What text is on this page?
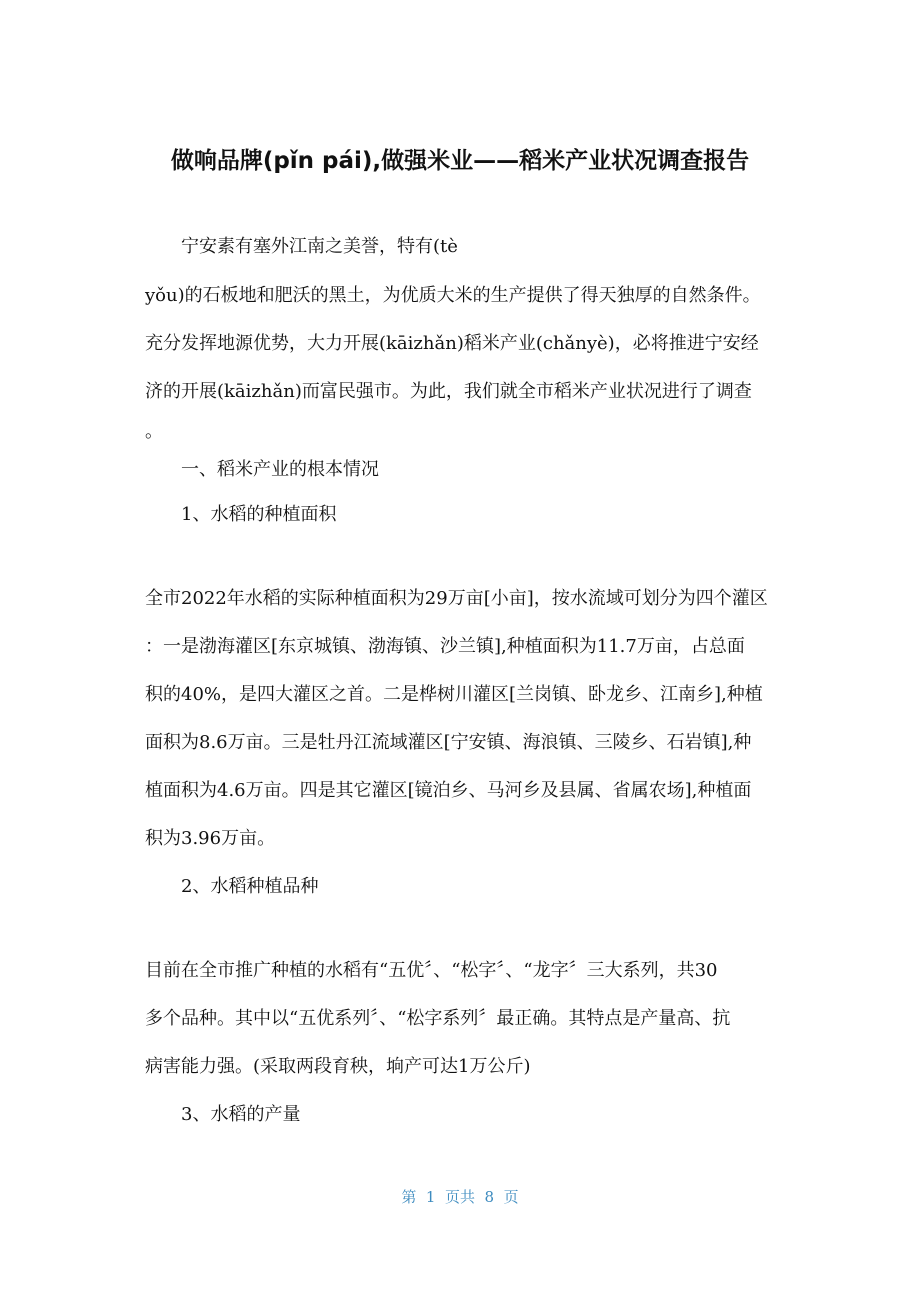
做响品牌(pǐn pái),做强米业——稻米产业状况调查报告
宁安素有塞外江南之美誉，特有(tè
yǒu)的石板地和肥沃的黑土，为优质大米的生产提供了得天独厚的自然条件。
充分发挥地源优势，大力开展(kāizhǎn)稻米产业(chǎnyè)，必将推进宁安经
济的开展(kāizhǎn)而富民强市。为此，我们就全市稻米产业状况进行了调查
。
一、稻米产业的根本情况
1、水稻的种植面积
全市2022年水稻的实际种植面积为29万亩[小亩]，按水流域可划分为四个灌区
：一是渤海灌区[东京城镇、渤海镇、沙兰镇],种植面积为11.7万亩，占总面
积的40%，是四大灌区之首。二是桦树川灌区[兰岗镇、卧龙乡、江南乡],种植
面积为8.6万亩。三是牡丹江流域灌区[宁安镇、海浪镇、三陵乡、石岩镇],种
植面积为4.6万亩。四是其它灌区[镜泊乡、马河乡及县属、省属农场],种植面
积为3.96万亩。
2、水稻种植品种
目前在全市推广种植的水稻有“五优〞、“松字〞、“龙字〞三大系列，共30
多个品种。其中以“五优系列〞、“松字系列〞最正确。其特点是产量高、抗
病害能力强。(采取两段育秧，垧产可达1万公斤)
3、水稻的产量
第  1  页共  8  页
